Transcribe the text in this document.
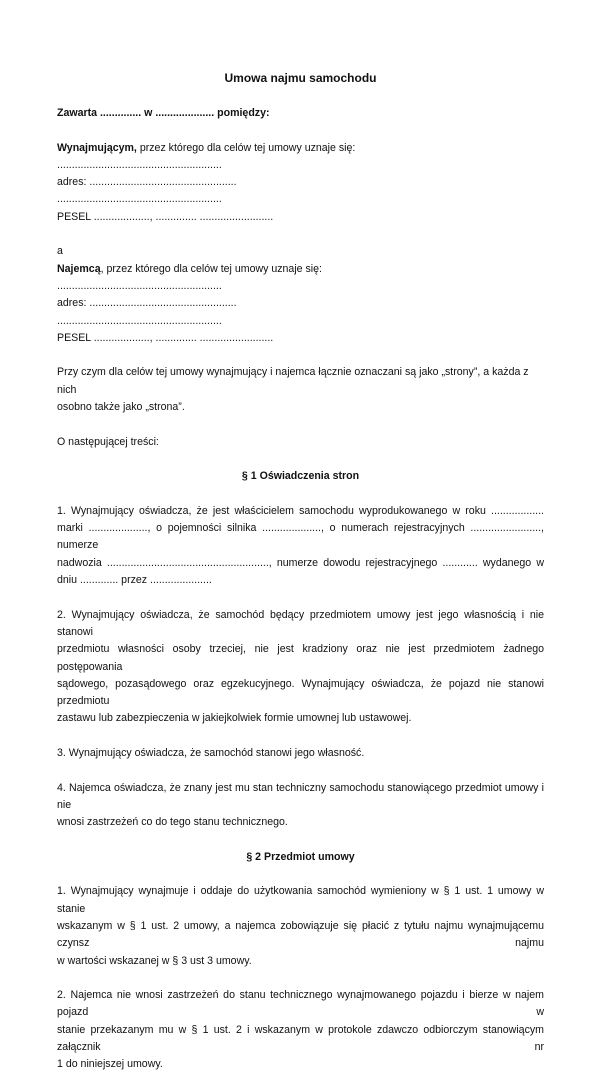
Umowa najmu samochodu

Zawarta .............. w .................... pomiędzy:

Wynajmującym, przez którego dla celów tej umowy uznaje się:

........................................................

adres: ..................................................

........................................................

PESEL ..................., .............. .........................

a

Najemcą, przez którego dla celów tej umowy uznaje się:

........................................................

adres: ..................................................

........................................................

PESEL ..................., .............. .........................

Przy czym dla celów tej umowy wynajmujący i najemca łącznie oznaczani są jako „strony”, a każda z nich

osobno także jako „strona”.

O następującej treści:

§ 1 Oświadczenia stron

1. Wynajmujący oświadcza, że jest właścicielem samochodu wyprodukowanego w roku ..................

marki ...................., o pojemności silnika ...................., o numerach rejestracyjnych ........................, numerze

nadwozia ......................................................., numerze dowodu rejestracyjnego ............ wydanego w

dniu ............. przez .....................

2. Wynajmujący oświadcza, że samochód będący przedmiotem umowy jest jego własnością i nie stanowi

przedmiotu własności osoby trzeciej, nie jest kradziony oraz nie jest przedmiotem żadnego postępowania

sądowego, pozasądowego oraz egzekucyjnego. Wynajmujący oświadcza, że pojazd nie stanowi przedmiotu

zastawu lub zabezpieczenia w jakiejkolwiek formie umownej lub ustawowej.

3. Wynajmujący oświadcza, że samochód stanowi jego własność.

4. Najemca oświadcza, że znany jest mu stan techniczny samochodu stanowiącego przedmiot umowy i nie

wnosi zastrzeżeń co do tego stanu technicznego.

§ 2 Przedmiot umowy

1. Wynajmujący wynajmuje i oddaje do użytkowania samochód wymieniony w § 1 ust. 1 umowy w stanie

wskazanym w § 1 ust. 2 umowy, a najemca zobowiązuje się płacić z tytułu najmu wynajmującemu czynsz najmu

w wartości wskazanej w § 3 ust 3 umowy.

2. Najemca nie wnosi zastrzeżeń do stanu technicznego wynajmowanego pojazdu i bierze w najem pojazd w

stanie przekazanym mu w § 1 ust. 2 i wskazanym w protokole zdawczo odbiorczym stanowiącym załącznik nr

1 do niniejszej umowy.
